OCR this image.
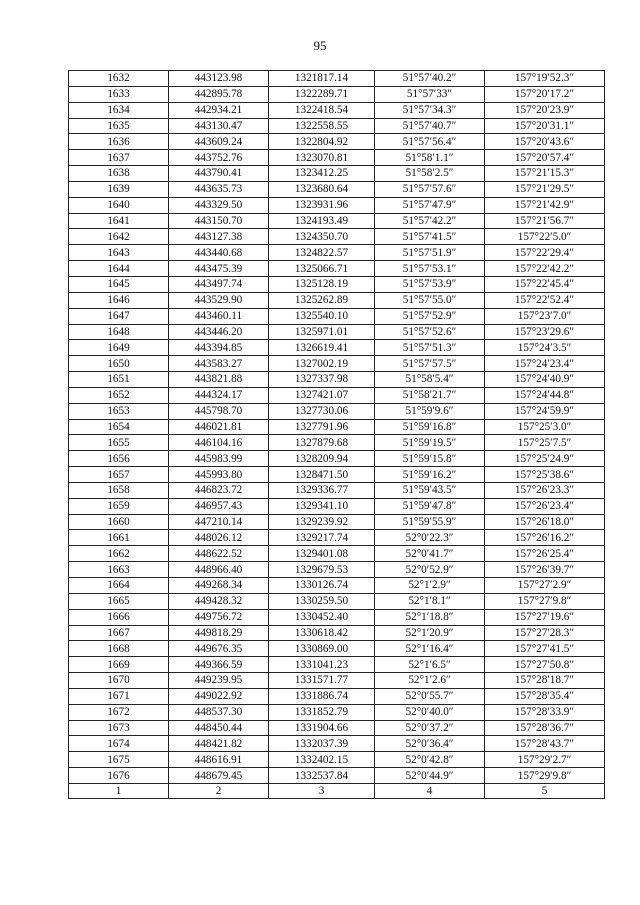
95
1632	443123.98	1321817.14	51°57′40.2″	157°19′52.3″
1633	442895.78	1322289.71	51°57′33″	157°20′17.2″
1634	442934.21	1322418.54	51°57′34.3″	157°20′23.9″
1635	443130.47	1322558.55	51°57′40.7″	157°20′31.1″
1636	443609.24	1322804.92	51°57′56.4″	157°20′43.6″
1637	443752.76	1323070.81	51°58′1.1″	157°20′57.4″
1638	443790.41	1323412.25	51°58′2.5″	157°21′15.3″
1639	443635.73	1323680.64	51°57′57.6″	157°21′29.5″
1640	443329.50	1323931.96	51°57′47.9″	157°21′42.9″
1641	443150.70	1324193.49	51°57′42.2″	157°21′56.7″
1642	443127.38	1324350.70	51°57′41.5″	157°22′5.0″
1643	443440.68	1324822.57	51°57′51.9″	157°22′29.4″
1644	443475.39	1325066.71	51°57′53.1″	157°22′42.2″
1645	443497.74	1325128.19	51°57′53.9″	157°22′45.4″
1646	443529.90	1325262.89	51°57′55.0″	157°22′52.4″
1647	443460.11	1325540.10	51°57′52.9″	157°23′7.0″
1648	443446.20	1325971.01	51°57′52.6″	157°23′29.6″
1649	443394.85	1326619.41	51°57′51.3″	157°24′3.5″
1650	443583.27	1327002.19	51°57′57.5″	157°24′23.4″
1651	443821.88	1327337.98	51°58′5.4″	157°24′40.9″
1652	444324.17	1327421.07	51°58′21.7″	157°24′44.8″
1653	445798.70	1327730.06	51°59′9.6″	157°24′59.9″
1654	446021.81	1327791.96	51°59′16.8″	157°25′3.0″
1655	446104.16	1327879.68	51°59′19.5″	157°25′7.5″
1656	445983.99	1328209.94	51°59′15.8″	157°25′24.9″
1657	445993.80	1328471.50	51°59′16.2″	157°25′38.6″
1658	446823.72	1329336.77	51°59′43.5″	157°26′23.3″
1659	446957.43	1329341.10	51°59′47.8″	157°26′23.4″
1660	447210.14	1329239.92	51°59′55.9″	157°26′18.0″
1661	448026.12	1329217.74	52°0′22.3″	157°26′16.2″
1662	448622.52	1329401.08	52°0′41.7″	157°26′25.4″
1663	448966.40	1329679.53	52°0′52.9″	157°26′39.7″
1664	449268.34	1330126.74	52°1′2.9″	157°27′2.9″
1665	449428.32	1330259.50	52°1′8.1″	157°27′9.8″
1666	449756.72	1330452.40	52°1′18.8″	157°27′19.6″
1667	449818.29	1330618.42	52°1′20.9″	157°27′28.3″
1668	449676.35	1330869.00	52°1′16.4″	157°27′41.5″
1669	449366.59	1331041.23	52°1′6.5″	157°27′50.8″
1670	449239.95	1331571.77	52°1′2.6″	157°28′18.7″
1671	449022.92	1331886.74	52°0′55.7″	157°28′35.4″
1672	448537.30	1331852.79	52°0′40.0″	157°28′33.9″
1673	448450.44	1331904.66	52°0′37.2″	157°28′36.7″
1674	448421.82	1332037.39	52°0′36.4″	157°28′43.7″
1675	448616.91	1332402.15	52°0′42.8″	157°29′2.7″
1676	448679.45	1332537.84	52°0′44.9″	157°29′9.8″
1	2	3	4	5
